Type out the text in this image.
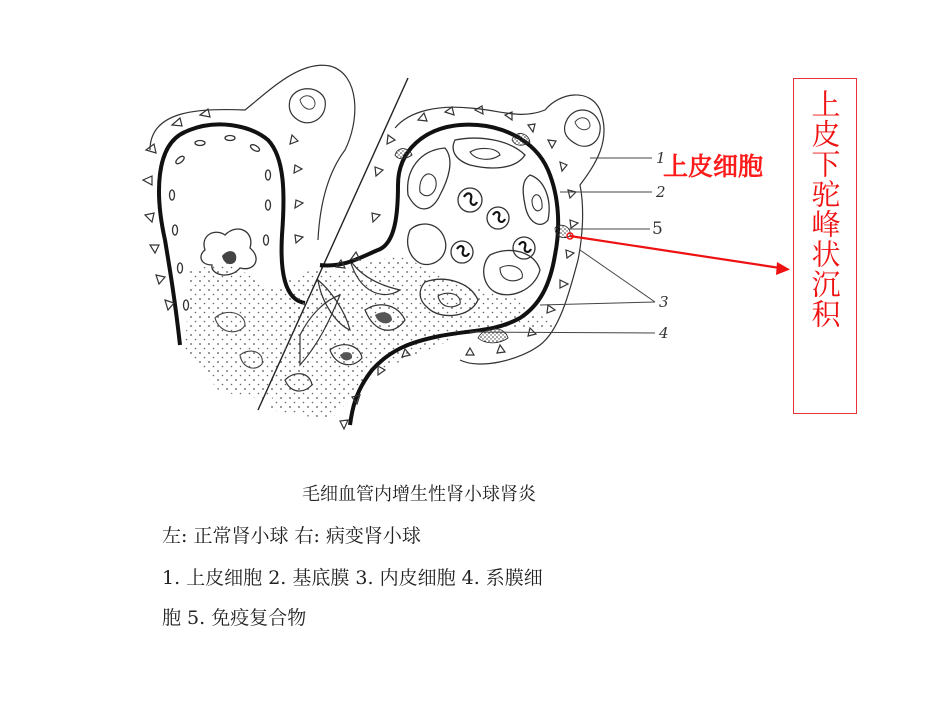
1
2
5
3
4
上皮细胞 上皮下驼峰状沉积
毛细血管内增生性肾小球肾炎
左: 正常肾小球 右: 病变肾小球
1. 上皮细胞 2. 基底膜 3. 内皮细胞 4. 系膜细
胞 5. 免疫复合物
